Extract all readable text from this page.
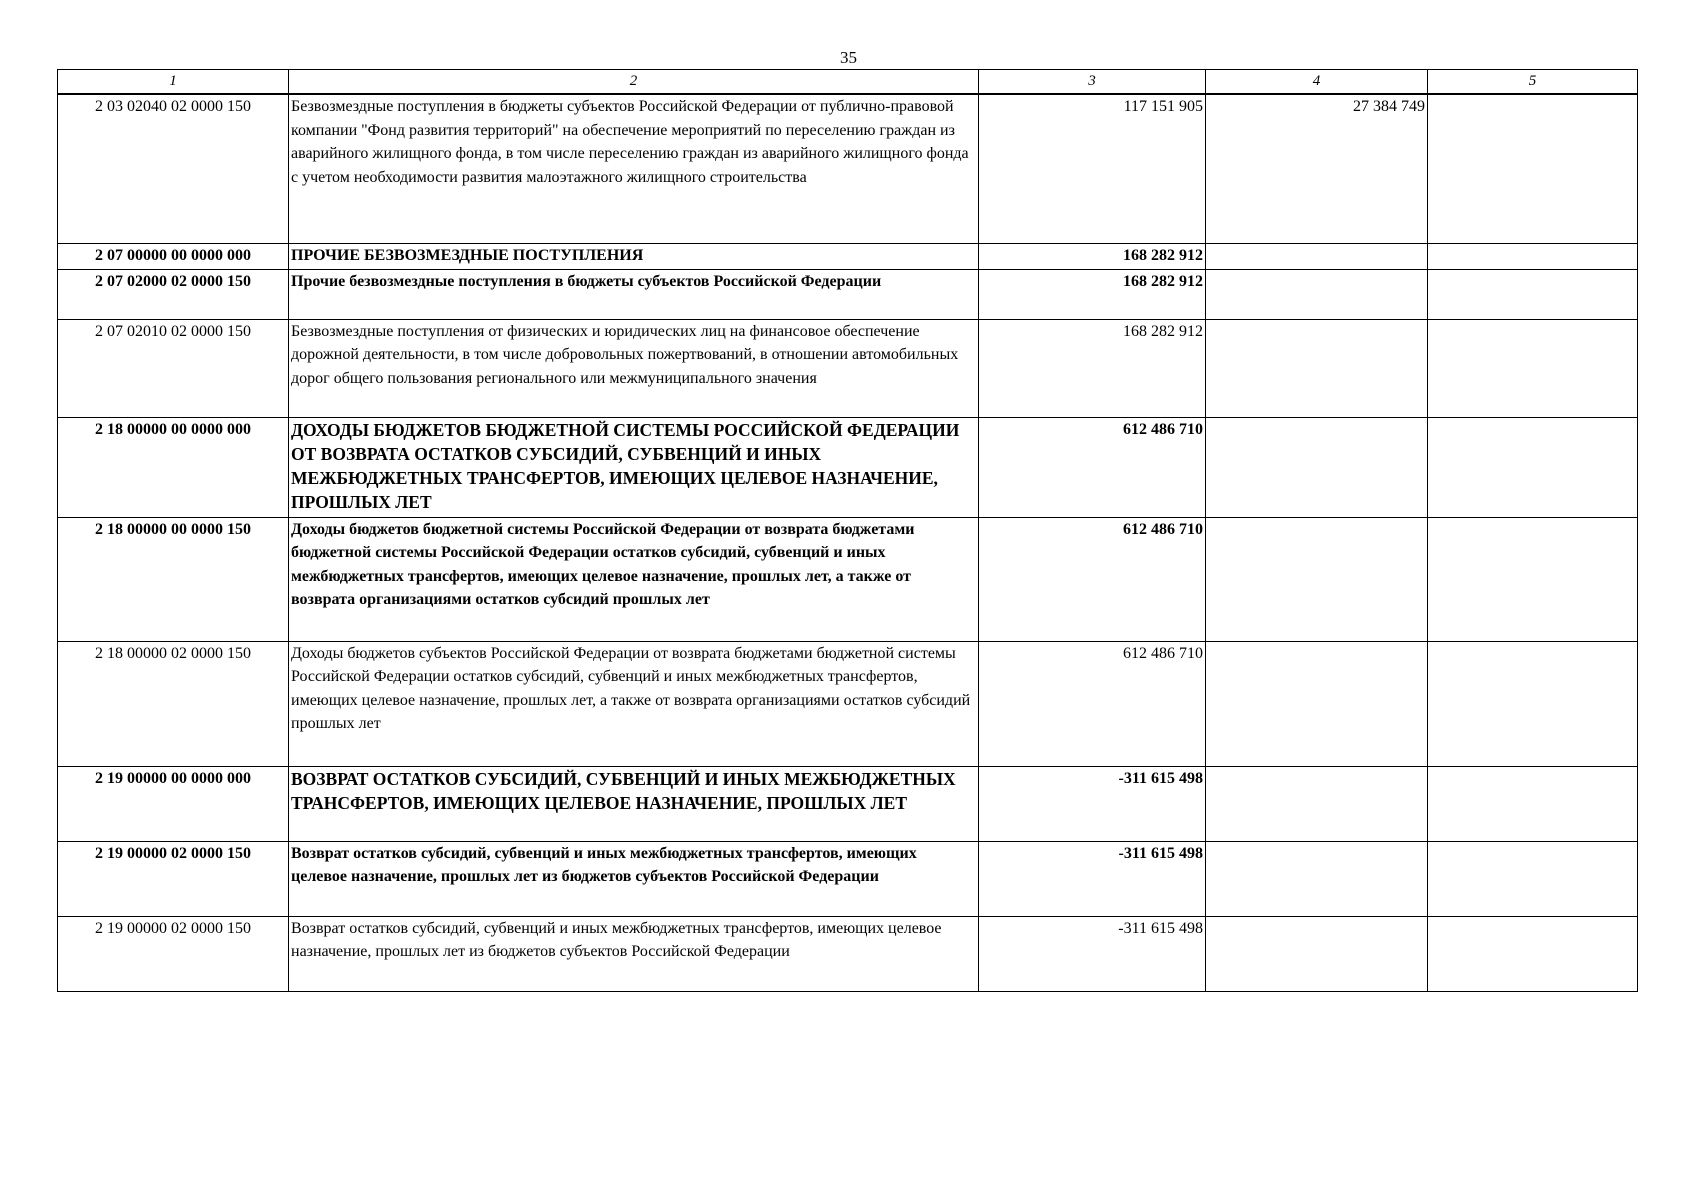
35
1	2	3	4	5
2 03 02040 02 0000 150	Безвозмездные поступления в бюджеты субъектов Российской Федерации от публично-правовой компании "Фонд развития территорий" на обеспечение мероприятий по переселению граждан из аварийного жилищного фонда, в том числе переселению граждан из аварийного жилищного фонда с учетом необходимости развития малоэтажного жилищного строительства	117 151 905	27 384 749	
2 07 00000 00 0000 000	ПРОЧИЕ БЕЗВОЗМЕЗДНЫЕ ПОСТУПЛЕНИЯ	168 282 912		
2 07 02000 02 0000 150	Прочие безвозмездные поступления в бюджеты субъектов Российской Федерации	168 282 912		
2 07 02010 02 0000 150	Безвозмездные поступления от физических и юридических лиц на финансовое обеспечение дорожной деятельности, в том числе добровольных пожертвований, в отношении автомобильных дорог общего пользования регионального или межмуниципального значения	168 282 912		
2 18 00000 00 0000 000	ДОХОДЫ БЮДЖЕТОВ БЮДЖЕТНОЙ СИСТЕМЫ РОССИЙСКОЙ ФЕДЕРАЦИИ ОТ ВОЗВРАТА ОСТАТКОВ СУБСИДИЙ, СУБВЕНЦИЙ И ИНЫХ МЕЖБЮДЖЕТНЫХ ТРАНСФЕРТОВ, ИМЕЮЩИХ ЦЕЛЕВОЕ НАЗНАЧЕНИЕ, ПРОШЛЫХ ЛЕТ	612 486 710		
2 18 00000 00 0000 150	Доходы бюджетов бюджетной системы Российской Федерации от возврата бюджетами бюджетной системы Российской Федерации остатков субсидий, субвенций и иных межбюджетных трансфертов, имеющих целевое назначение, прошлых лет, а также от возврата организациями остатков субсидий прошлых лет	612 486 710		
2 18 00000 02 0000 150	Доходы бюджетов субъектов Российской Федерации от возврата бюджетами бюджетной системы Российской Федерации остатков субсидий, субвенций и иных межбюджетных трансфертов, имеющих целевое назначение, прошлых лет, а также от возврата организациями остатков субсидий прошлых лет	612 486 710		
2 19 00000 00 0000 000	ВОЗВРАТ ОСТАТКОВ СУБСИДИЙ, СУБВЕНЦИЙ И ИНЫХ МЕЖБЮДЖЕТНЫХ ТРАНСФЕРТОВ, ИМЕЮЩИХ ЦЕЛЕВОЕ НАЗНАЧЕНИЕ, ПРОШЛЫХ ЛЕТ	-311 615 498		
2 19 00000 02 0000 150	Возврат остатков субсидий, субвенций и иных межбюджетных трансфертов, имеющих целевое назначение, прошлых лет из бюджетов субъектов Российской Федерации	-311 615 498		
2 19 00000 02 0000 150	Возврат остатков субсидий, субвенций и иных межбюджетных трансфертов, имеющих целевое назначение, прошлых лет из бюджетов субъектов Российской Федерации	-311 615 498		
